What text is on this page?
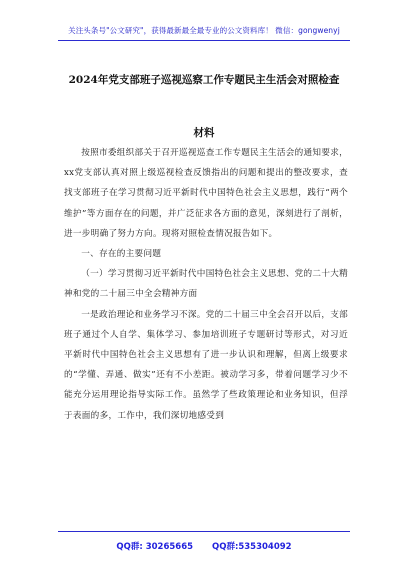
关注头条号"公文研究"，获得最新最全最专业的公文资料库！ 微信：gongwenyj
2024年党支部班子巡视巡察工作专题民主生活会对照检查
材料

按照市委组织部关于召开巡视巡查工作专题民主生活会的通知要求，xx党支部认真对照上级巡视检查反馈指出的问题和提出的整改要求，查找支部班子在学习贯彻习近平新时代中国特色社会主义思想，践行“两个维护”等方面存在的问题，并广泛征求各方面的意见，深刻进行了剖析，进一步明确了努力方向。现将对照检查情况报告如下。

一、存在的主要问题

（一）学习贯彻习近平新时代中国特色社会主义思想、党的二十大精神和党的二十届三中全会精神方面

一是政治理论和业务学习不深。党的二十届三中全会召开以后，支部班子通过个人自学、集体学习、参加培训班子专题研讨等形式，对习近平新时代中国特色社会主义思想有了进一步认识和理解，但离上级要求的“学懂、弄通、做实”还有不小差距。被动学习多，带着问题学习少不能充分运用理论指导实际工作。虽然学了些政策理论和业务知识，但浮于表面的多，工作中，我们深切地感受到

QQ群: 30265665 QQ群:535304092
